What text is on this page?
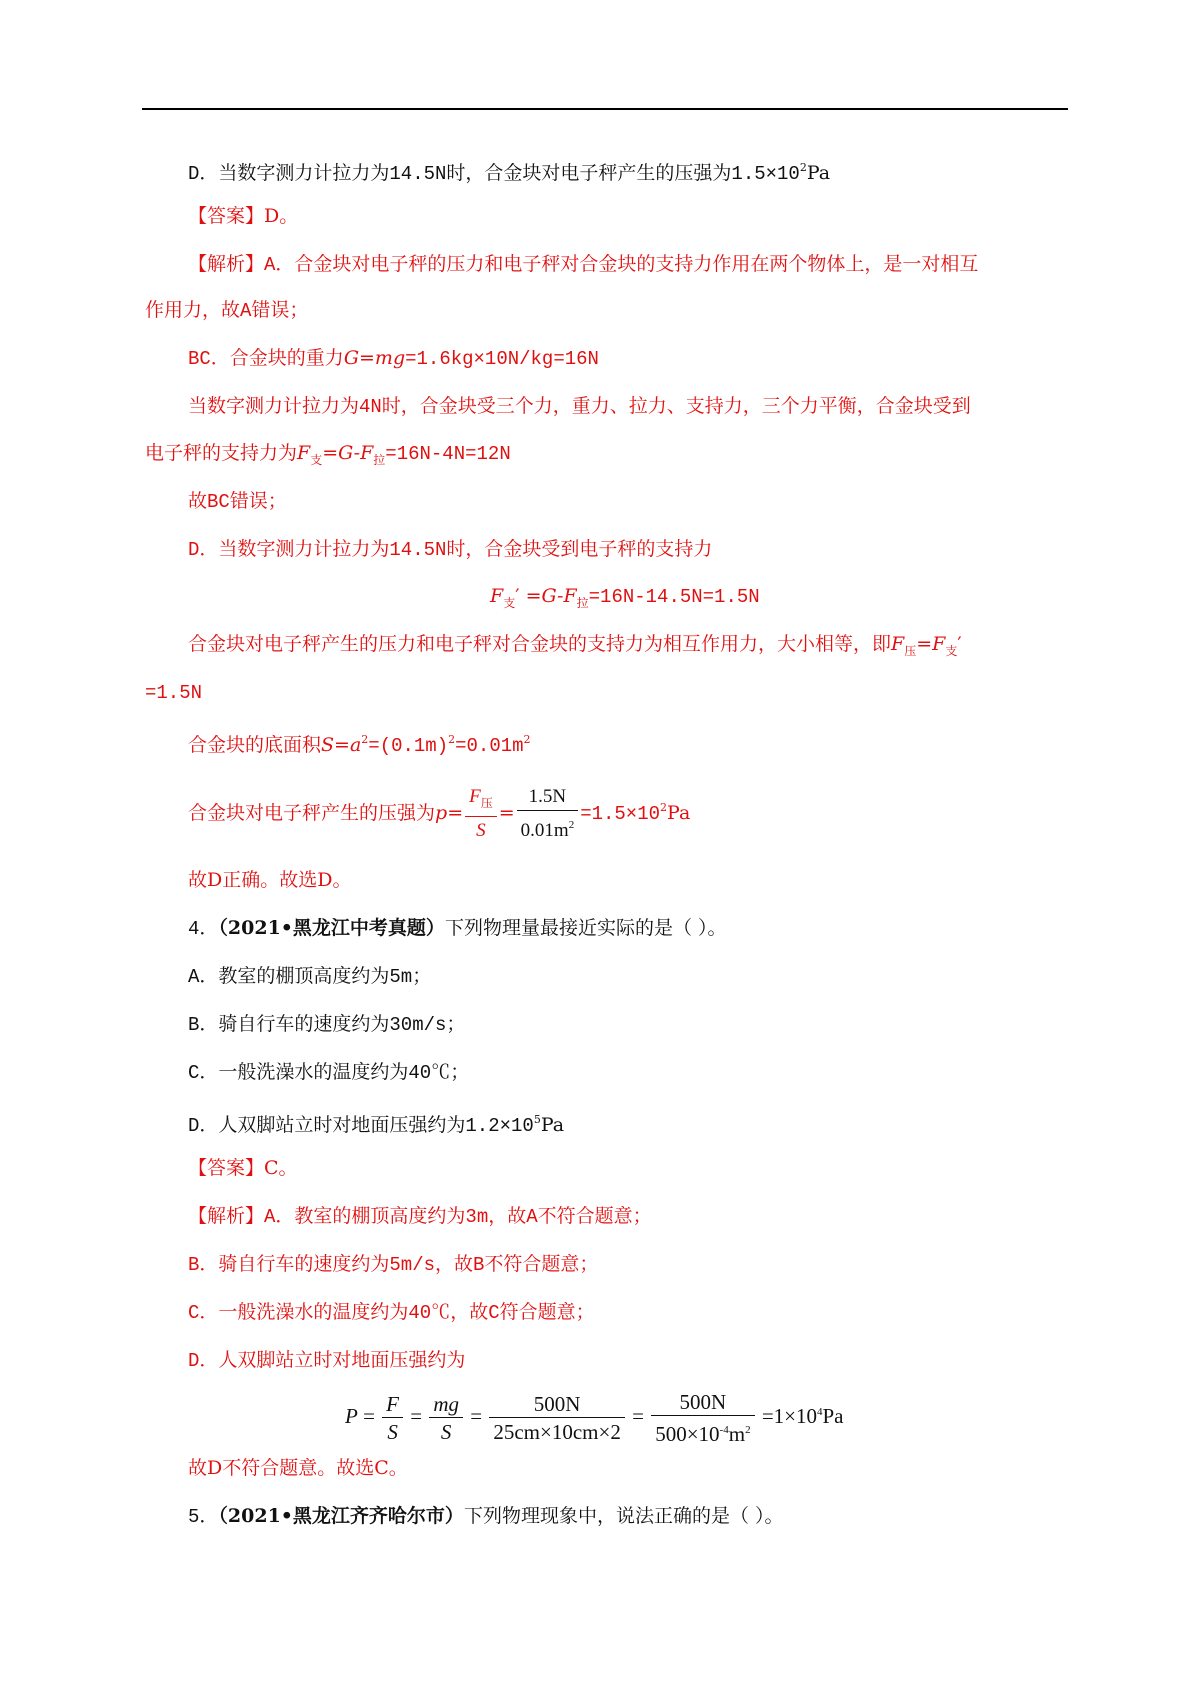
D．当数字测力计拉力为14.5N时，合金块对电子秤产生的压强为$1.5\times 10^2Pa$
【答案】D。
【解析】A．合金块对电子秤的压力和电子秤对合金块的支持力作用在两个物体上，是一对相互
作用力，故A错误；
BC．合金块的重力G=mg=1.6kg×10N/kg=16N
当数字测力计拉力为4N时，合金块受三个力，重力、拉力、支持力，三个力平衡，合金块受到
电子秤的支持力为$F_支=G-F_拉=16N-4N=12N$
故BC错误；
D．当数字测力计拉力为14.5N时，合金块受到电子秤的支持力
$F_支' =G-F_拉=16N-14.5N=1.5N$
合金块对电子秤产生的压力和电子秤对合金块的支持力为相互作用力，大小相等，即$F_压=F_支'$
=1.5N
合金块的底面积$S=a^2=(0.1m)^2=0.01m^2$
合金块对电子秤产生的压强为$p= \frac{F_压}{S} = \frac{1.5N}{0.01m^2} =1.5\times 10^2Pa$
故D正确。故选D。
4．（2021•黑龙江中考真题）下列物理量最接近实际的是（ ）。
A．教室的棚顶高度约为5m；
B．骑自行车的速度约为30m/s；
C．一般洗澡水的温度约为40℃；
D．人双脚站立时对地面压强约为$1.2\times 10^5Pa$
【答案】C。
【解析】A．教室的棚顶高度约为3m，故A不符合题意；
B．骑自行车的速度约为5m/s，故B不符合题意；
C．一般洗澡水的温度约为40℃，故C符合题意；
D．人双脚站立时对地面压强约为
$P = \frac{F}{S} = \frac{mg}{S} = \frac{500N}{25cm\times 10cm\times 2} = \frac{500N}{500\times 10^{-4}m^2} =1\times 10^4Pa$
故D不符合题意。故选C。
5．（2021•黑龙江齐齐哈尔市）下列物理现象中，说法正确的是（ ）。
